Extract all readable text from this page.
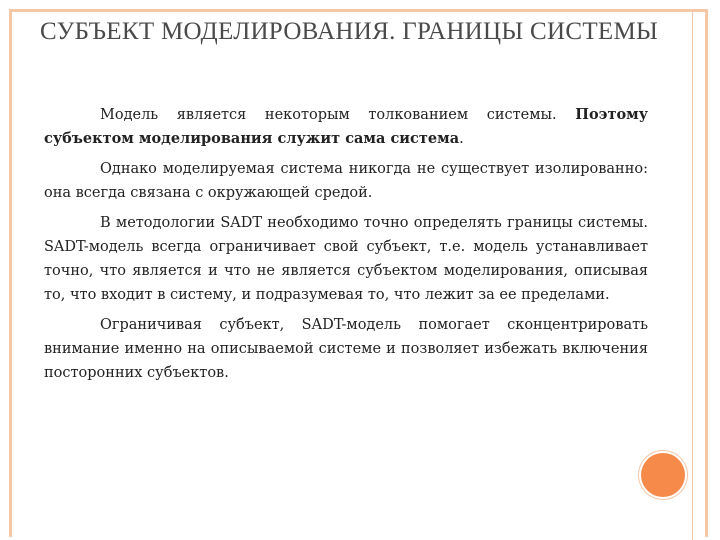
СУБЪЕКТ МОДЕЛИРОВАНИЯ. ГРАНИЦЫ СИСТЕМЫ

Модель является некоторым толкованием системы. Поэтому субъектом моделирования служит сама система.

Однако моделируемая система никогда не существует изолированно: она всегда связана с окружающей средой.

В методологии SADT необходимо точно определять границы системы. SADT-модель всегда ограничивает свой субъект, т.е. модель устанавливает точно, что является и что не является субъектом моделирования, описывая то, что входит в систему, и подразумевая то, что лежит за ее пределами.

Ограничивая субъект, SADT-модель помогает сконцентрировать внимание именно на описываемой системе и позволяет избежать включения посторонних субъектов.
